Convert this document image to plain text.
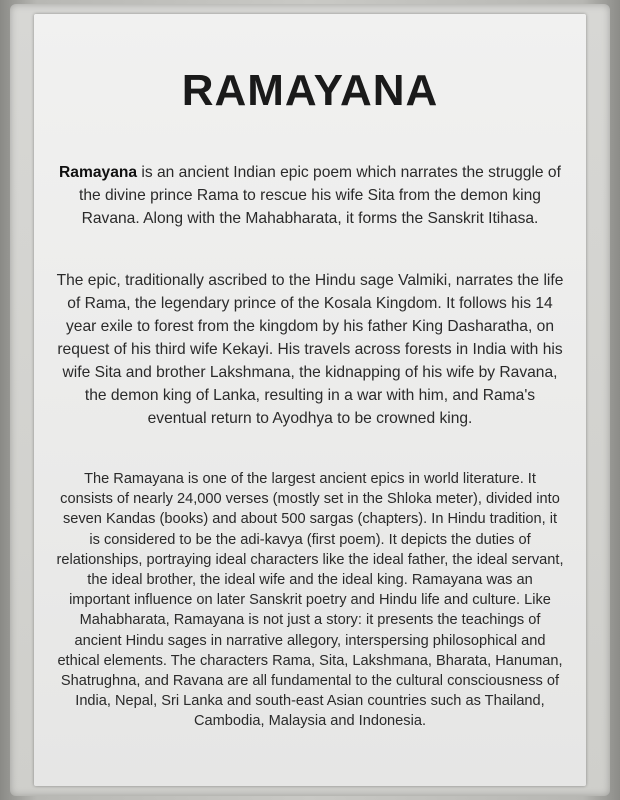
RAMAYANA

Ramayana is an ancient Indian epic poem which narrates the struggle of the divine prince Rama to rescue his wife Sita from the demon king Ravana. Along with the Mahabharata, it forms the Sanskrit Itihasa.

The epic, traditionally ascribed to the Hindu sage Valmiki, narrates the life of Rama, the legendary prince of the Kosala Kingdom. It follows his 14 year exile to forest from the kingdom by his father King Dasharatha, on request of his third wife Kekayi. His travels across forests in India with his wife Sita and brother Lakshmana, the kidnapping of his wife by Ravana, the demon king of Lanka, resulting in a war with him, and Rama's eventual return to Ayodhya to be crowned king.

The Ramayana is one of the largest ancient epics in world literature. It consists of nearly 24,000 verses (mostly set in the Shloka meter), divided into seven Kandas (books) and about 500 sargas (chapters). In Hindu tradition, it is considered to be the adi-kavya (first poem). It depicts the duties of relationships, portraying ideal characters like the ideal father, the ideal servant, the ideal brother, the ideal wife and the ideal king. Ramayana was an important influence on later Sanskrit poetry and Hindu life and culture. Like Mahabharata, Ramayana is not just a story: it presents the teachings of ancient Hindu sages in narrative allegory, interspersing philosophical and ethical elements. The characters Rama, Sita, Lakshmana, Bharata, Hanuman, Shatrughna, and Ravana are all fundamental to the cultural consciousness of India, Nepal, Sri Lanka and south-east Asian countries such as Thailand, Cambodia, Malaysia and Indonesia.
